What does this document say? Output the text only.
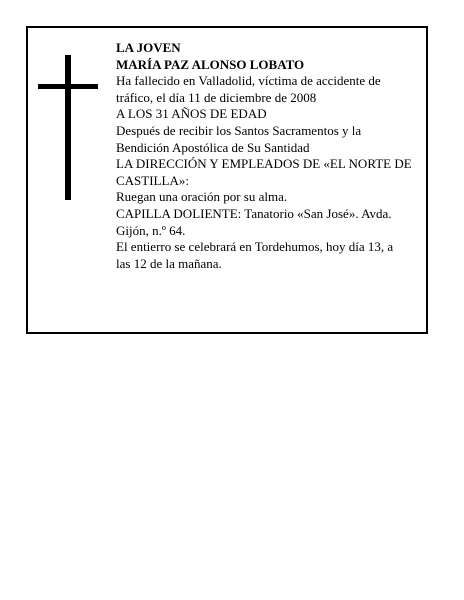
LA JOVEN
MARÍA PAZ ALONSO LOBATO
Ha fallecido en Valladolid, víctima de accidente de
tráfico, el día 11 de diciembre de 2008
A LOS 31 AÑOS DE EDAD
Después de recibir los Santos Sacramentos y la
Bendición Apostólica de Su Santidad
LA DIRECCIÓN Y EMPLEADOS DE «EL NORTE DE
CASTILLA»:
Ruegan una oración por su alma.
CAPILLA DOLIENTE: Tanatorio «San José». Avda.
Gijón, n.º 64.
El entierro se celebrará en Tordehumos, hoy día 13, a
las 12 de la mañana.
